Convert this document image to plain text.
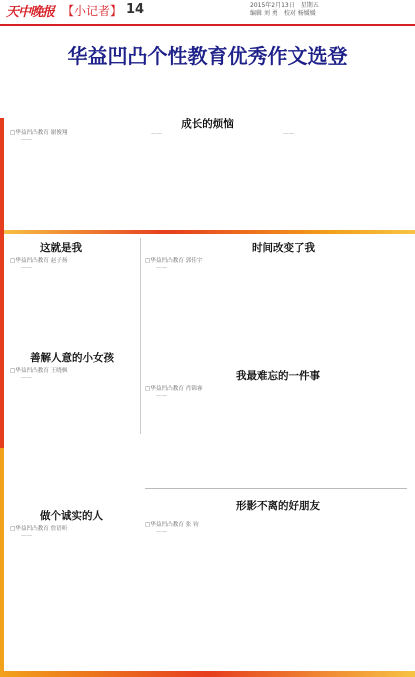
天中晚报 【小记者】 14	2015年2月13日 星期五
编辑 刘 勇 校对 杨媛媛
华益凹凸个性教育优秀作文选登
成长的烦恼
□华益凹凸教育 谢俊翔

——

——	——

这就是我
□华益凹凸教育 赵子扬

——

时间改变了我
□华益凹凸教育 郭佳宇

——

善解人意的小女孩
□华益凹凸教育 王晓枫

——	我最难忘的一件事
□华益凹凸教育 肖锦睿

——

做个诚实的人
□华益凹凸教育 詹语昕

——

形影不离的好朋友
□华益凹凸教育 张 钧

——
